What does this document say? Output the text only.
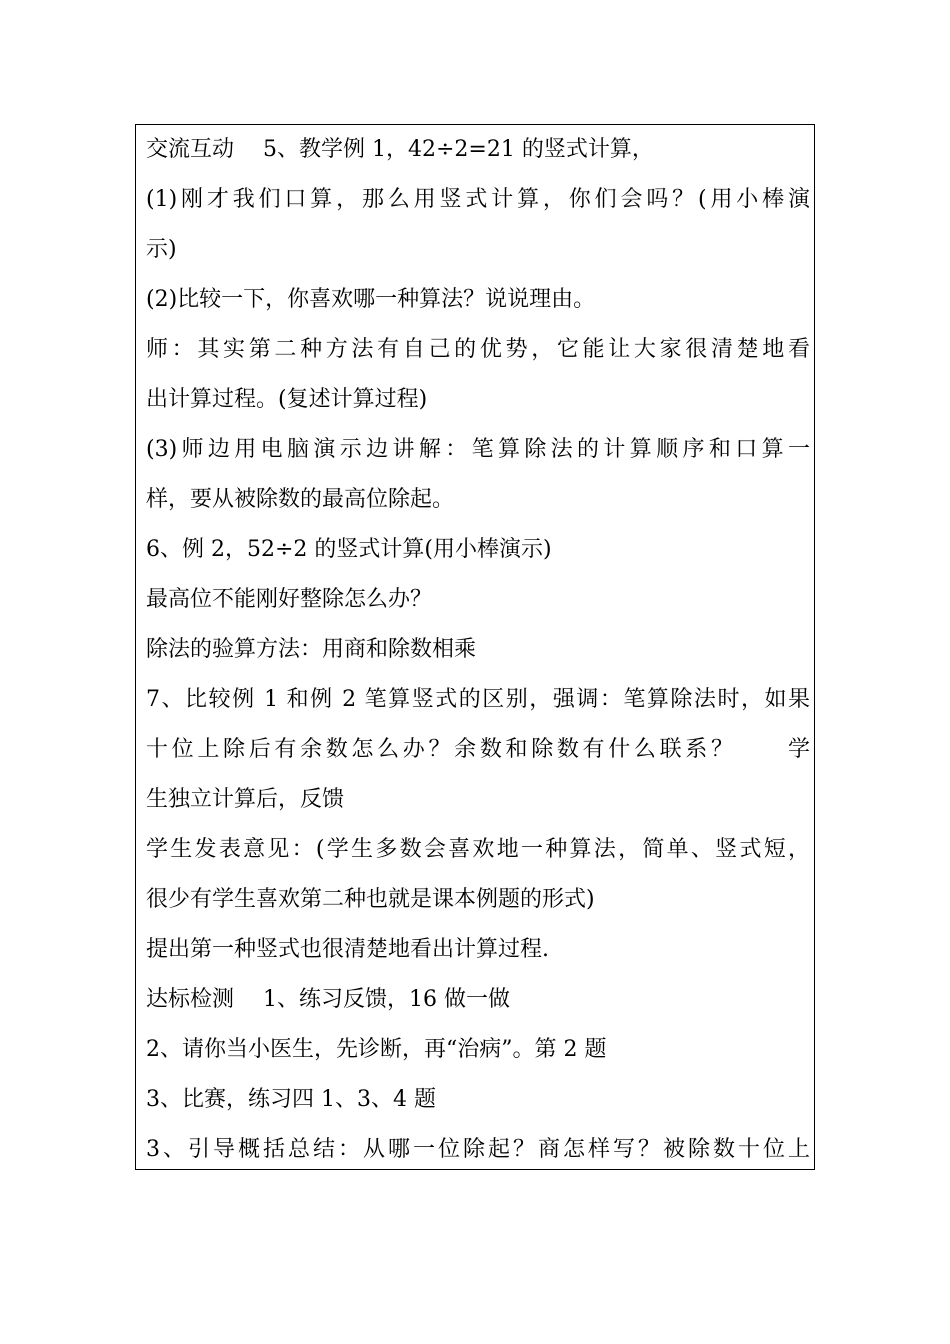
交流互动　 5、教学例 1，42÷2=21 的竖式计算，
(1)刚才我们口算，那么用竖式计算，你们会吗？(用小棒演
示)
(2)比较一下，你喜欢哪一种算法？说说理由。
师：其实第二种方法有自己的优势，它能让大家很清楚地看
出计算过程。(复述计算过程)
(3)师边用电脑演示边讲解：笔算除法的计算顺序和口算一
样，要从被除数的最高位除起。
6、例 2，52÷2 的竖式计算(用小棒演示)
最高位不能刚好整除怎么办？
除法的验算方法：用商和除数相乘
7、比较例 1 和例 2 笔算竖式的区别，强调：笔算除法时，如果
十位上除后有余数怎么办？余数和除数有什么联系？　　学
生独立计算后，反馈
学生发表意见：(学生多数会喜欢地一种算法，简单、竖式短，
很少有学生喜欢第二种也就是课本例题的形式)
提出第一种竖式也很清楚地看出计算过程.
达标检测　 1、练习反馈，16 做一做
2、请你当小医生，先诊断，再“治病”。第 2 题
3、比赛，练习四 1、3、4 题
3、引导概括总结：从哪一位除起？商怎样写？被除数十位上
